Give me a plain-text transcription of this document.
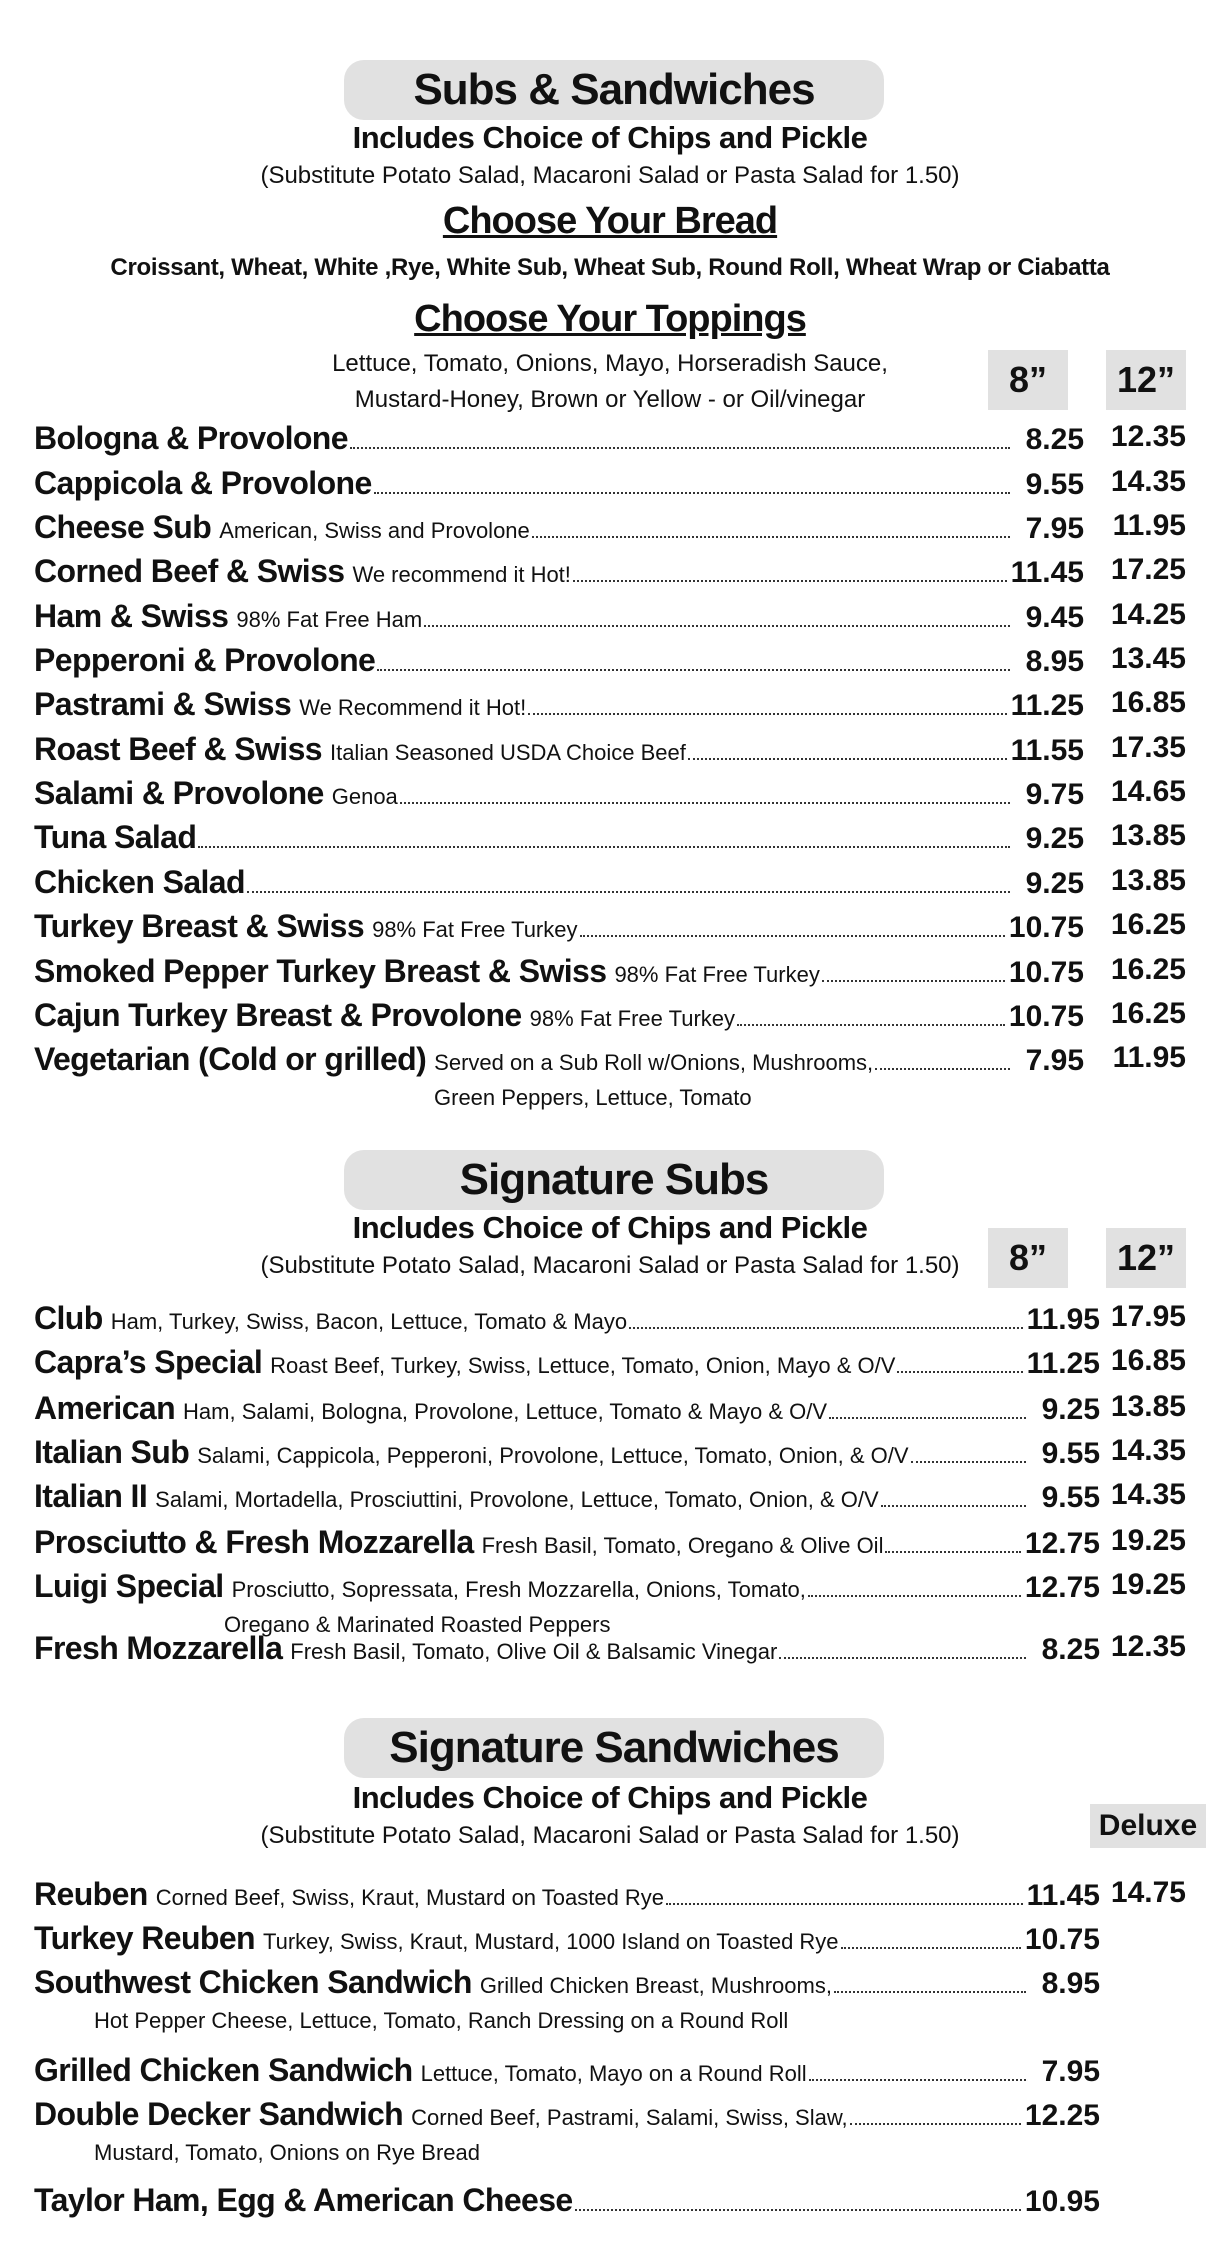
Subs & Sandwiches
Includes Choice of Chips and Pickle
(Substitute Potato Salad, Macaroni Salad or Pasta Salad for 1.50)
Choose Your Bread
Croissant, Wheat, White ,Rye, White Sub, Wheat Sub, Round Roll, Wheat Wrap or Ciabatta
Choose Your Toppings
Lettuce, Tomato, Onions, Mayo, Horseradish Sauce,
Mustard-Honey, Brown or Yellow - or Oil/vinegar	8”	12”
Bologna & Provolone	8.25 12.35
Cappicola & Provolone	9.55 14.35
Cheese Sub American, Swiss and Provolone	7.95 11.95
Corned Beef & Swiss We recommend it Hot!	11.45 17.25
Ham & Swiss 98% Fat Free Ham	9.45 14.25
Pepperoni & Provolone	8.95 13.45
Pastrami & Swiss We Recommend it Hot!	11.25 16.85
Roast Beef & Swiss Italian Seasoned USDA Choice Beef	11.55 17.35
Salami & Provolone Genoa	9.75 14.65
Tuna Salad	9.25 13.85
Chicken Salad	9.25 13.85
Turkey Breast & Swiss 98% Fat Free Turkey	10.75 16.25
Smoked Pepper Turkey Breast & Swiss 98% Fat Free Turkey	10.75 16.25
Cajun Turkey Breast & Provolone 98% Fat Free Turkey	10.75 16.25
Vegetarian (Cold or grilled) Served on a Sub Roll w/Onions, Mushrooms,	7.95 11.95
Green Peppers, Lettuce, Tomato
Signature Subs
Includes Choice of Chips and Pickle
(Substitute Potato Salad, Macaroni Salad or Pasta Salad for 1.50)	8”	12”
Club Ham, Turkey, Swiss, Bacon, Lettuce, Tomato & Mayo	11.95 17.95
Capra’s Special Roast Beef, Turkey, Swiss, Lettuce, Tomato, Onion, Mayo & O/V	11.25 16.85
American Ham, Salami, Bologna, Provolone, Lettuce, Tomato & Mayo & O/V	9.25 13.85
Italian Sub Salami, Cappicola, Pepperoni, Provolone, Lettuce, Tomato, Onion, & O/V	9.55 14.35
Italian II Salami, Mortadella, Prosciuttini, Provolone, Lettuce, Tomato, Onion, & O/V	9.55 14.35
Prosciutto & Fresh Mozzarella Fresh Basil, Tomato, Oregano & Olive Oil	12.75 19.25
Luigi Special Prosciutto, Sopressata, Fresh Mozzarella, Onions, Tomato,	12.75 19.25
Oregano & Marinated Roasted Peppers
Fresh Mozzarella Fresh Basil, Tomato, Olive Oil & Balsamic Vinegar	8.25 12.35
Signature Sandwiches
Includes Choice of Chips and Pickle
(Substitute Potato Salad, Macaroni Salad or Pasta Salad for 1.50)	Deluxe
Reuben Corned Beef, Swiss, Kraut, Mustard on Toasted Rye	11.45 14.75
Turkey Reuben Turkey, Swiss, Kraut, Mustard, 1000 Island on Toasted Rye	10.75
Southwest Chicken Sandwich Grilled Chicken Breast, Mushrooms,	8.95
Hot Pepper Cheese, Lettuce, Tomato, Ranch Dressing on a Round Roll
Grilled Chicken Sandwich Lettuce, Tomato, Mayo on a Round Roll	7.95
Double Decker Sandwich Corned Beef, Pastrami, Salami, Swiss, Slaw,	12.25
Mustard, Tomato, Onions on Rye Bread
Taylor Ham, Egg & American Cheese	10.95
